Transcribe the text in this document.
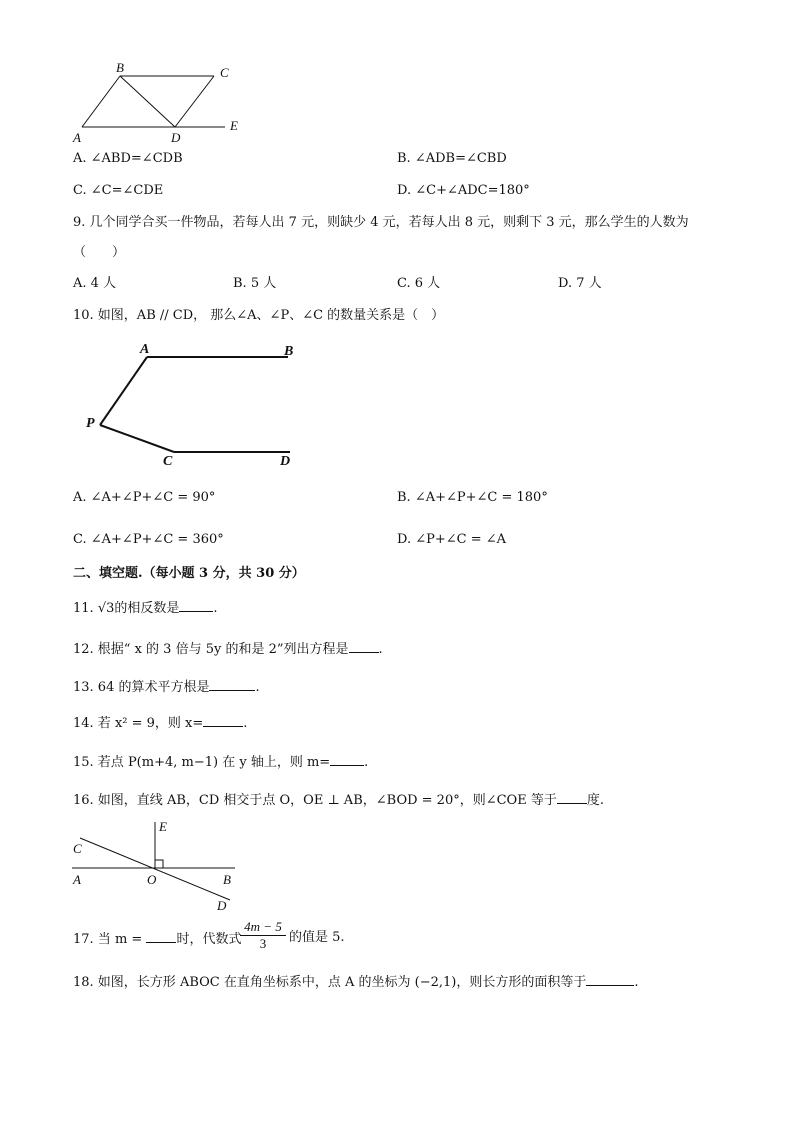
B	C
A	D
E
A. ∠ABD=∠CDB	B. ∠ADB=∠CBD
C. ∠C=∠CDE	D. ∠C+∠ADC=180°
9. 几个同学合买一件物品，若每人出 7 元，则缺少 4 元，若每人出 8 元，则剩下 3 元，那么学生的人数为
（　　）
A. 4 人	B. 5 人	C. 6 人	D. 7 人
10. 如图，AB // CD， 那么∠A、∠P、∠C 的数量关系是（　）
A	B
P
C	D
A. ∠A+∠P+∠C = 90°	B. ∠A+∠P+∠C = 180°
C. ∠A+∠P+∠C = 360°	D. ∠P+∠C = ∠A
二、填空题.（每小题 3 分，共 30 分）
11. √3的相反数是	.
12. 根据“ x 的 3 倍与 5y 的和是 2”列出方程是 .
13. 64 的算术平方根是	.
14. 若 x² = 9，则 x=	.
15. 若点 P(m+4, m−1) 在 y 轴上，则 m=	.
16. 如图，直线 AB，CD 相交于点 O，OE ⊥ AB，∠BOD = 20°，则∠COE 等于 度.
E
C
A	O	B
D
17. 当 m =	时，代数式
$\frac{4m - 5}{3}$ 的值是 5.
18. 如图，长方形 ABOC 在直角坐标系中，点 A 的坐标为 (−2,1)，则长方形的面积等于	.
